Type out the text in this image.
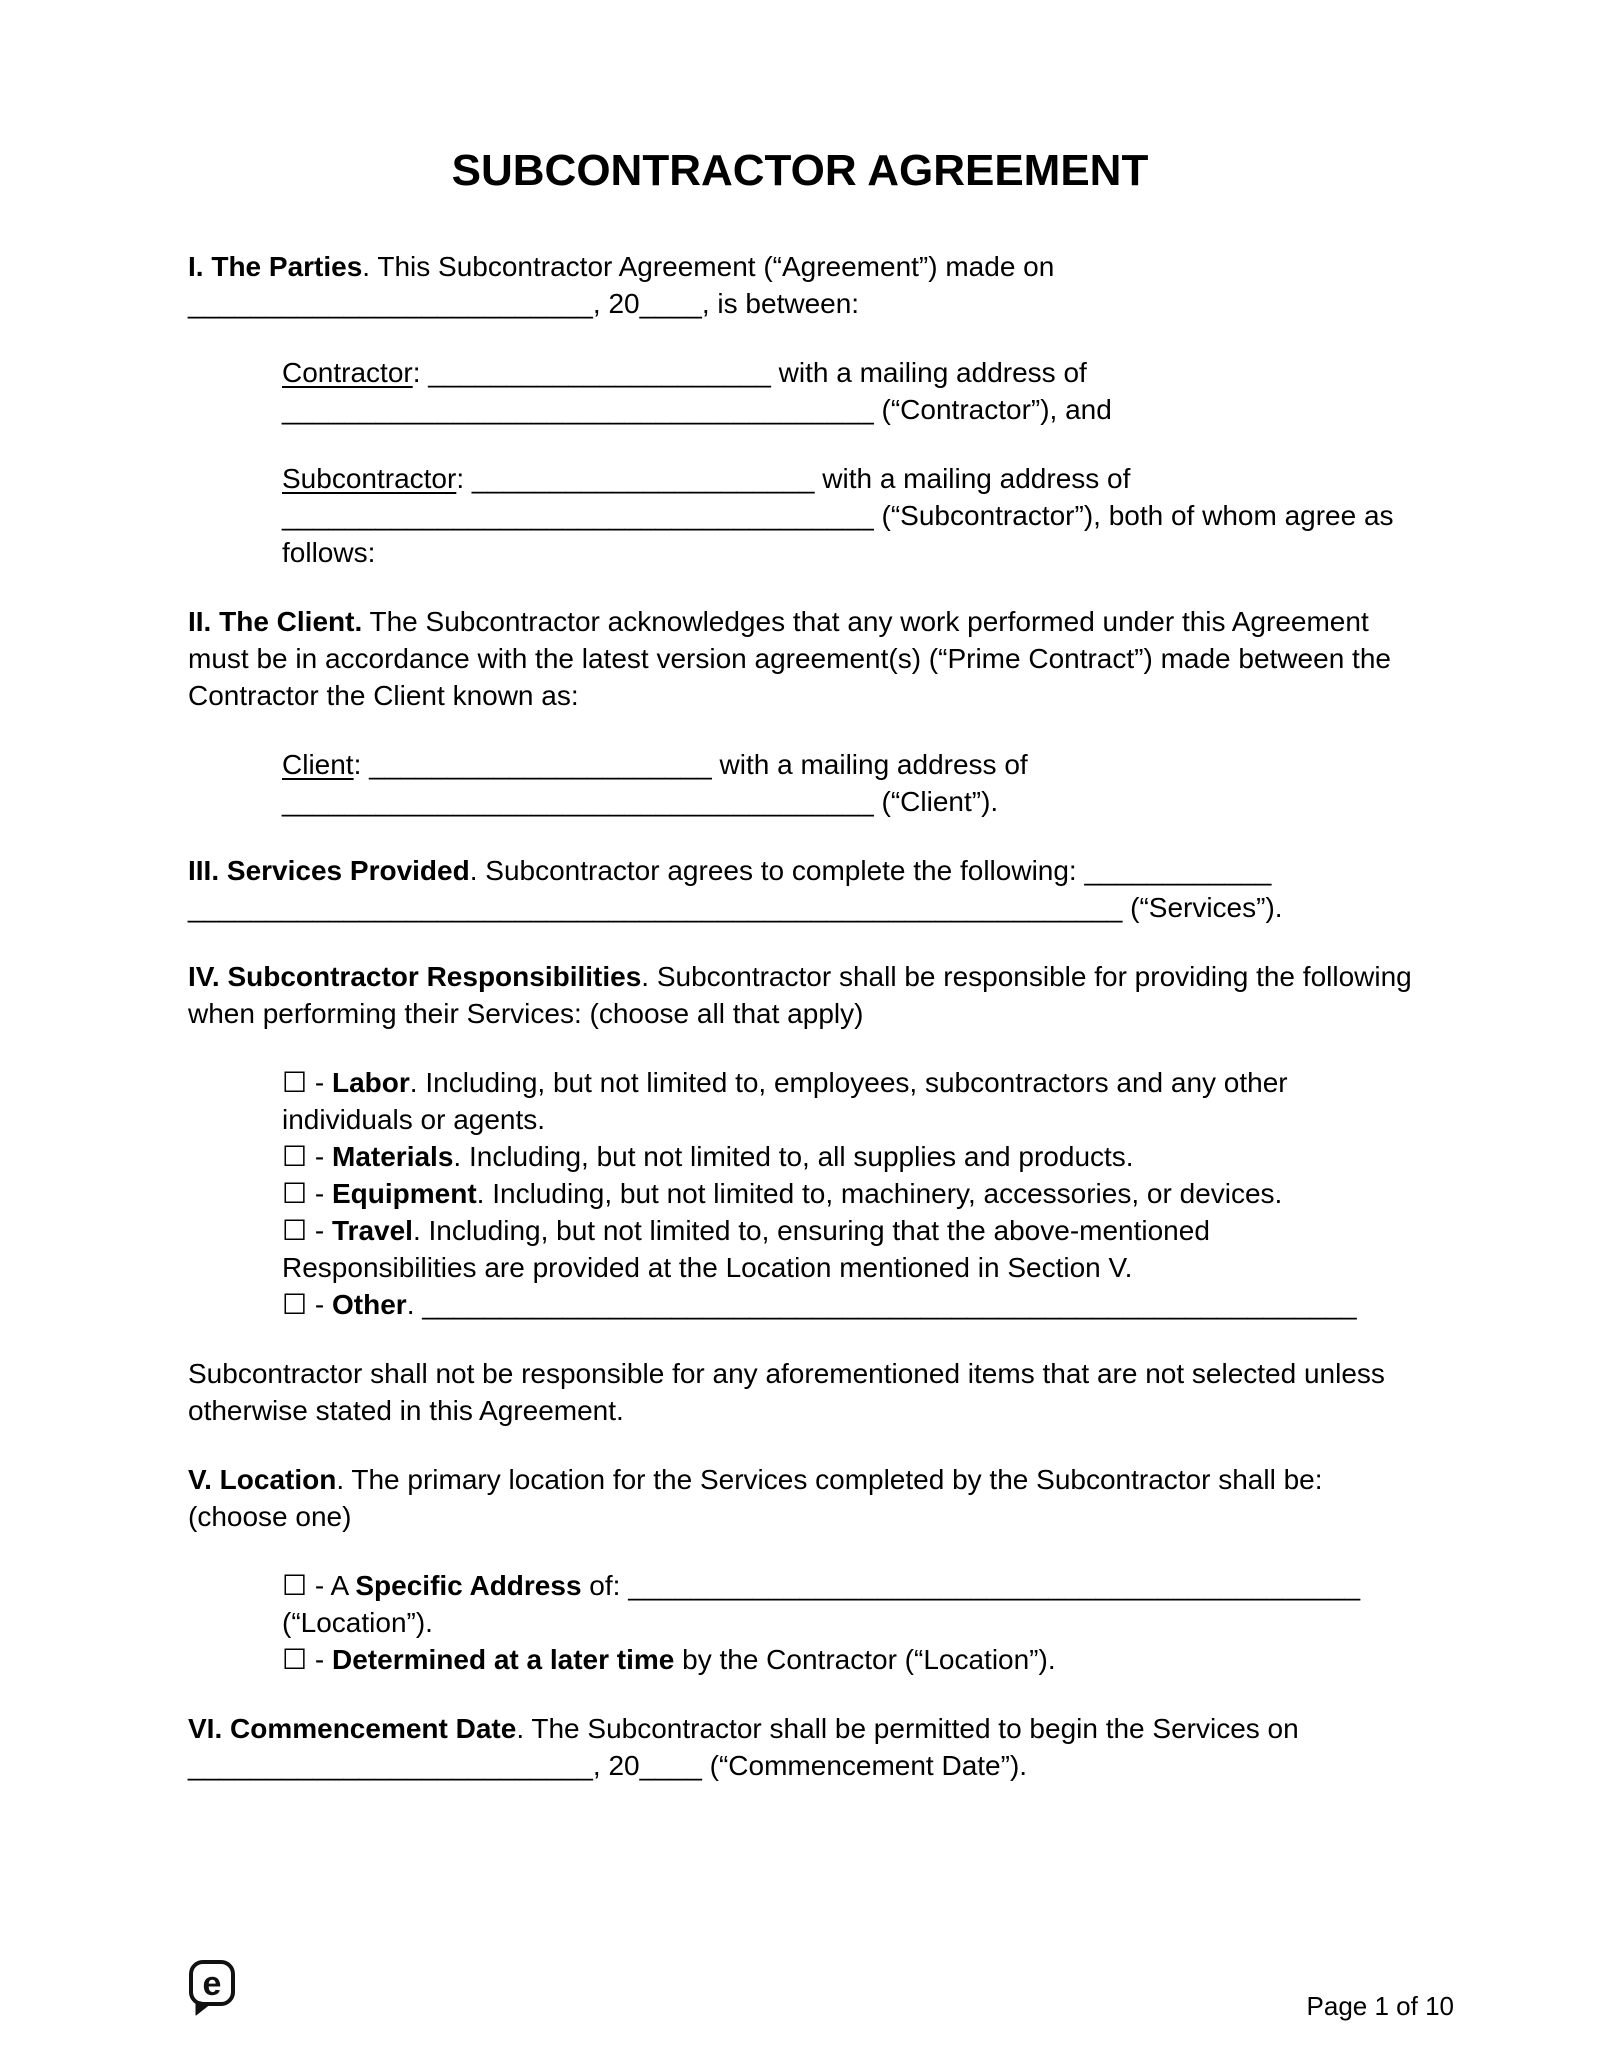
SUBCONTRACTOR AGREEMENT

I. The Parties. This Subcontractor Agreement (“Agreement”) made on __________________________, 20____, is between:

Contractor: ______________________ with a mailing address of ______________________________________ (“Contractor”), and

Subcontractor: ______________________ with a mailing address of ______________________________________ (“Subcontractor”), both of whom agree as follows:

II. The Client. The Subcontractor acknowledges that any work performed under this Agreement must be in accordance with the latest version agreement(s) (“Prime Contract”) made between the Contractor the Client known as:

Client: ______________________ with a mailing address of ______________________________________ (“Client”).

III. Services Provided. Subcontractor agrees to complete the following: ____________ ____________________________________________________________ (“Services”).

IV. Subcontractor Responsibilities. Subcontractor shall be responsible for providing the following when performing their Services: (choose all that apply)

☐ - Labor. Including, but not limited to, employees, subcontractors and any other individuals or agents.

☐ - Materials. Including, but not limited to, all supplies and products.

☐ - Equipment. Including, but not limited to, machinery, accessories, or devices.

☐ - Travel. Including, but not limited to, ensuring that the above-mentioned Responsibilities are provided at the Location mentioned in Section V.

☐ - Other. ____________________________________________________________

Subcontractor shall not be responsible for any aforementioned items that are not selected unless otherwise stated in this Agreement.

V. Location. The primary location for the Services completed by the Subcontractor shall be: (choose one)

☐ - A Specific Address of: _______________________________________________ (“Location”).

☐ - Determined at a later time by the Contractor (“Location”).

VI. Commencement Date. The Subcontractor shall be permitted to begin the Services on __________________________, 20____ (“Commencement Date”).

e
Page 1 of 10
